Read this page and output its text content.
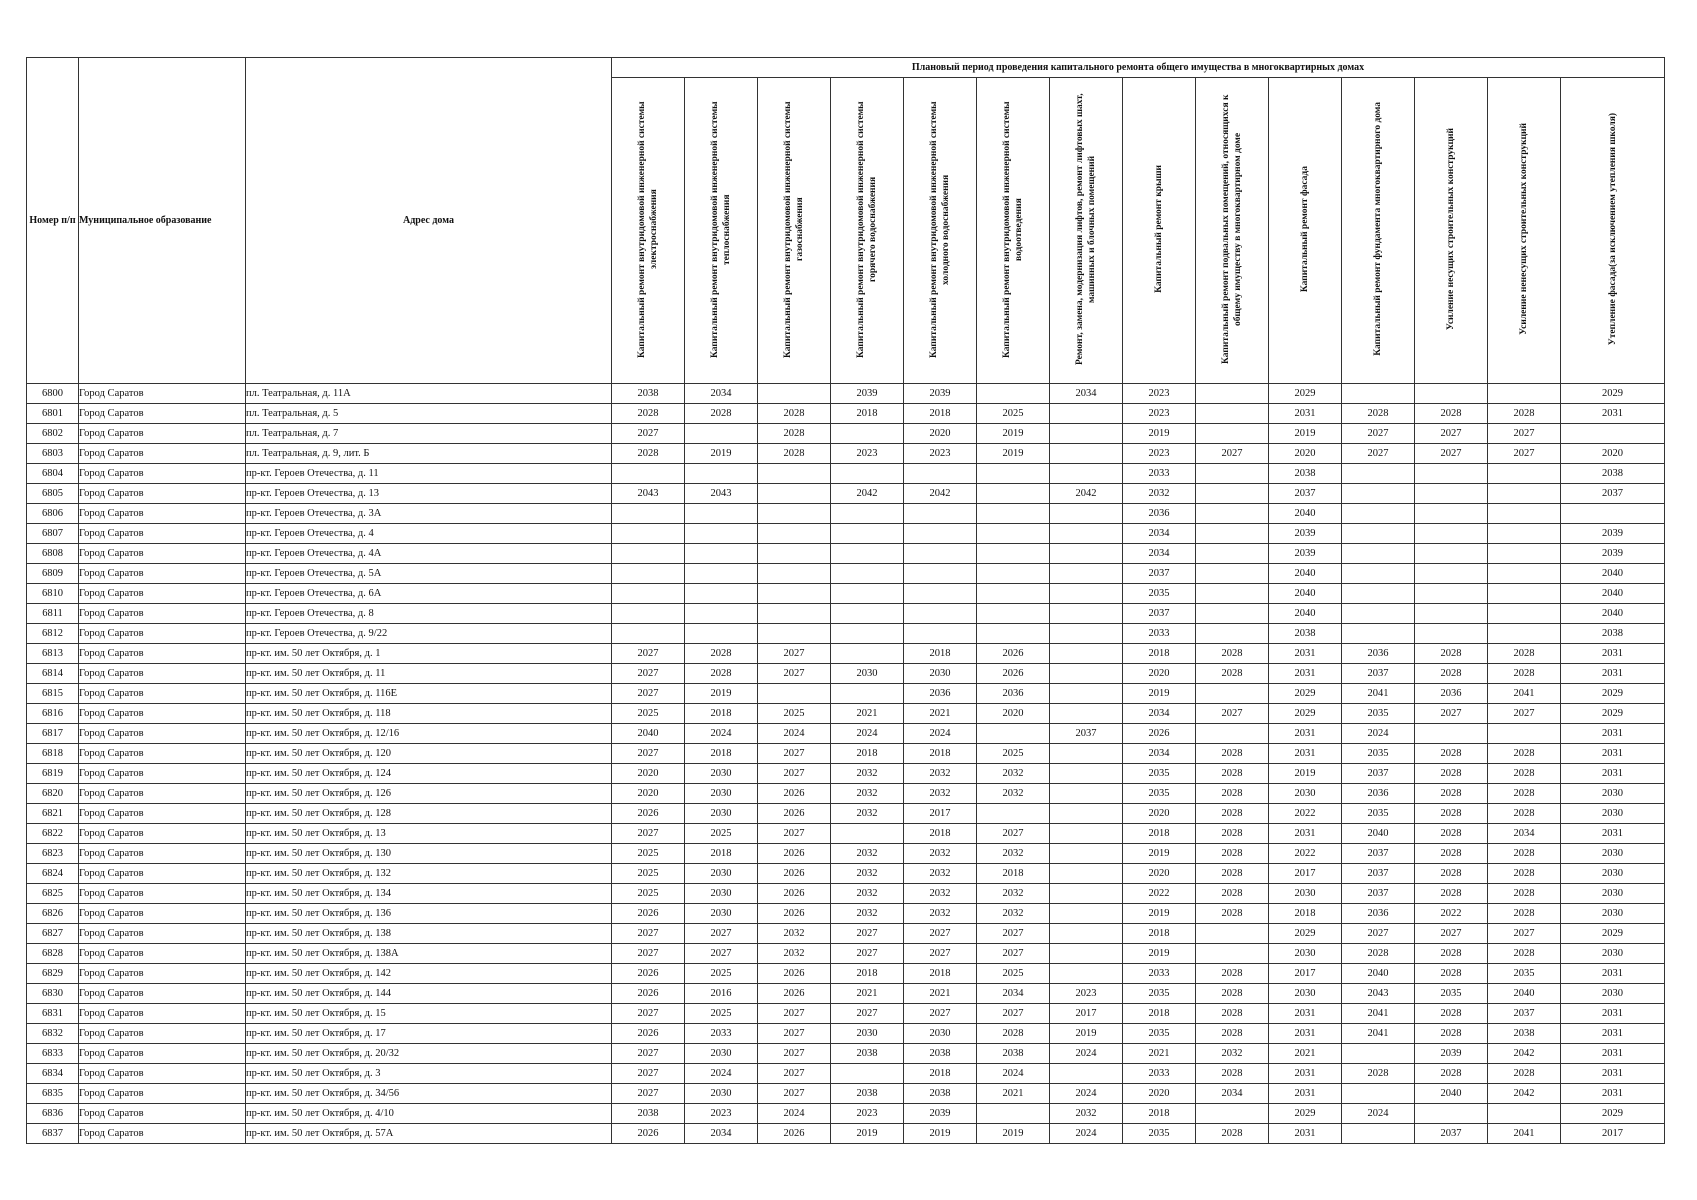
Номер п/п	Муниципальное образование	Адрес дома	Плановый период проведения капитального ремонта общего имущества в многоквартирных домах													
			Капитальный ремонт внутридомовой инженерной системы электроснабжения	Капитальный ремонт внутридомовой инженерной системы теплоснабжения	Капитальный ремонт внутридомовой инженерной системы газоснабжения	Капитальный ремонт внутридомовой инженерной системы горячего водоснабжения	Капитальный ремонт внутридомовой инженерной системы холодного водоснабжения	Капитальный ремонт внутридомовой инженерной системы водоотведения	Ремонт, замена, модернизация лифтов, ремонт лифтовых шахт, машинных и блочных помещений	Капитальный ремонт крыши	Капитальный ремонт подвальных помещений, относящихся к общему имуществу в многоквартирном доме	Капитальный ремонт фасада	Капитальный ремонт фундамента многоквартирного дома	Усиление несущих строительных конструкций	Усиление ненесущих строительных конструкций	Утепление фасада(за исключением утепления школя)
6800	Город Саратов	пл. Театральная, д. 11А	2038	2034		2039	2039		2034	2023		2029				2029
6801	Город Саратов	пл. Театральная, д. 5	2028	2028	2028	2018	2018	2025		2023		2031	2028	2028	2028	2031
6802	Город Саратов	пл. Театральная, д. 7	2027		2028		2020	2019		2019		2019	2027	2027	2027	
6803	Город Саратов	пл. Театральная, д. 9, лит. Б	2028	2019	2028	2023	2023	2019		2023	2027	2020	2027	2027	2027	2020
6804	Город Саратов	пр-кт. Героев Отечества, д. 11								2033		2038				2038
6805	Город Саратов	пр-кт. Героев Отечества, д. 13	2043	2043		2042	2042		2042	2032		2037				2037
6806	Город Саратов	пр-кт. Героев Отечества, д. 3А								2036		2040				
6807	Город Саратов	пр-кт. Героев Отечества, д. 4								2034		2039				2039
6808	Город Саратов	пр-кт. Героев Отечества, д. 4А								2034		2039				2039
6809	Город Саратов	пр-кт. Героев Отечества, д. 5А								2037		2040				2040
6810	Город Саратов	пр-кт. Героев Отечества, д. 6А								2035		2040				2040
6811	Город Саратов	пр-кт. Героев Отечества, д. 8								2037		2040				2040
6812	Город Саратов	пр-кт. Героев Отечества, д. 9/22								2033		2038				2038
6813	Город Саратов	пр-кт. им. 50 лет Октября, д. 1	2027	2028	2027		2018	2026		2018	2028	2031	2036	2028	2028	2031
6814	Город Саратов	пр-кт. им. 50 лет Октября, д. 11	2027	2028	2027	2030	2030	2026		2020	2028	2031	2037	2028	2028	2031
6815	Город Саратов	пр-кт. им. 50 лет Октября, д. 116Е	2027	2019			2036	2036		2019		2029	2041	2036	2041	2029
6816	Город Саратов	пр-кт. им. 50 лет Октября, д. 118	2025	2018	2025	2021	2021	2020		2034	2027	2029	2035	2027	2027	2029
6817	Город Саратов	пр-кт. им. 50 лет Октября, д. 12/16	2040	2024	2024	2024	2024		2037	2026		2031	2024			2031
6818	Город Саратов	пр-кт. им. 50 лет Октября, д. 120	2027	2018	2027	2018	2018	2025		2034	2028	2031	2035	2028	2028	2031
6819	Город Саратов	пр-кт. им. 50 лет Октября, д. 124	2020	2030	2027	2032	2032	2032		2035	2028	2019	2037	2028	2028	2031
6820	Город Саратов	пр-кт. им. 50 лет Октября, д. 126	2020	2030	2026	2032	2032	2032		2035	2028	2030	2036	2028	2028	2030
6821	Город Саратов	пр-кт. им. 50 лет Октября, д. 128	2026	2030	2026	2032	2017			2020	2028	2022	2035	2028	2028	2030
6822	Город Саратов	пр-кт. им. 50 лет Октября, д. 13	2027	2025	2027		2018	2027		2018	2028	2031	2040	2028	2034	2031
6823	Город Саратов	пр-кт. им. 50 лет Октября, д. 130	2025	2018	2026	2032	2032	2032		2019	2028	2022	2037	2028	2028	2030
6824	Город Саратов	пр-кт. им. 50 лет Октября, д. 132	2025	2030	2026	2032	2032	2018		2020	2028	2017	2037	2028	2028	2030
6825	Город Саратов	пр-кт. им. 50 лет Октября, д. 134	2025	2030	2026	2032	2032	2032		2022	2028	2030	2037	2028	2028	2030
6826	Город Саратов	пр-кт. им. 50 лет Октября, д. 136	2026	2030	2026	2032	2032	2032		2019	2028	2018	2036	2022	2028	2030
6827	Город Саратов	пр-кт. им. 50 лет Октября, д. 138	2027	2027	2032	2027	2027	2027		2018		2029	2027	2027	2027	2029
6828	Город Саратов	пр-кт. им. 50 лет Октября, д. 138А	2027	2027	2032	2027	2027	2027		2019		2030	2028	2028	2028	2030
6829	Город Саратов	пр-кт. им. 50 лет Октября, д. 142	2026	2025	2026	2018	2018	2025		2033	2028	2017	2040	2028	2035	2031
6830	Город Саратов	пр-кт. им. 50 лет Октября, д. 144	2026	2016	2026	2021	2021	2034	2023	2035	2028	2030	2043	2035	2040	2030
6831	Город Саратов	пр-кт. им. 50 лет Октября, д. 15	2027	2025	2027	2027	2027	2027	2017	2018	2028	2031	2041	2028	2037	2031
6832	Город Саратов	пр-кт. им. 50 лет Октября, д. 17	2026	2033	2027	2030	2030	2028	2019	2035	2028	2031	2041	2028	2038	2031
6833	Город Саратов	пр-кт. им. 50 лет Октября, д. 20/32	2027	2030	2027	2038	2038	2038	2024	2021	2032	2021		2039	2042	2031
6834	Город Саратов	пр-кт. им. 50 лет Октября, д. 3	2027	2024	2027		2018	2024		2033	2028	2031	2028	2028	2028	2031
6835	Город Саратов	пр-кт. им. 50 лет Октября, д. 34/56	2027	2030	2027	2038	2038	2021	2024	2020	2034	2031		2040	2042	2031
6836	Город Саратов	пр-кт. им. 50 лет Октября, д. 4/10	2038	2023	2024	2023	2039		2032	2018		2029	2024			2029
6837	Город Саратов	пр-кт. им. 50 лет Октября, д. 57А	2026	2034	2026	2019	2019	2019	2024	2035	2028	2031		2037	2041	2017
